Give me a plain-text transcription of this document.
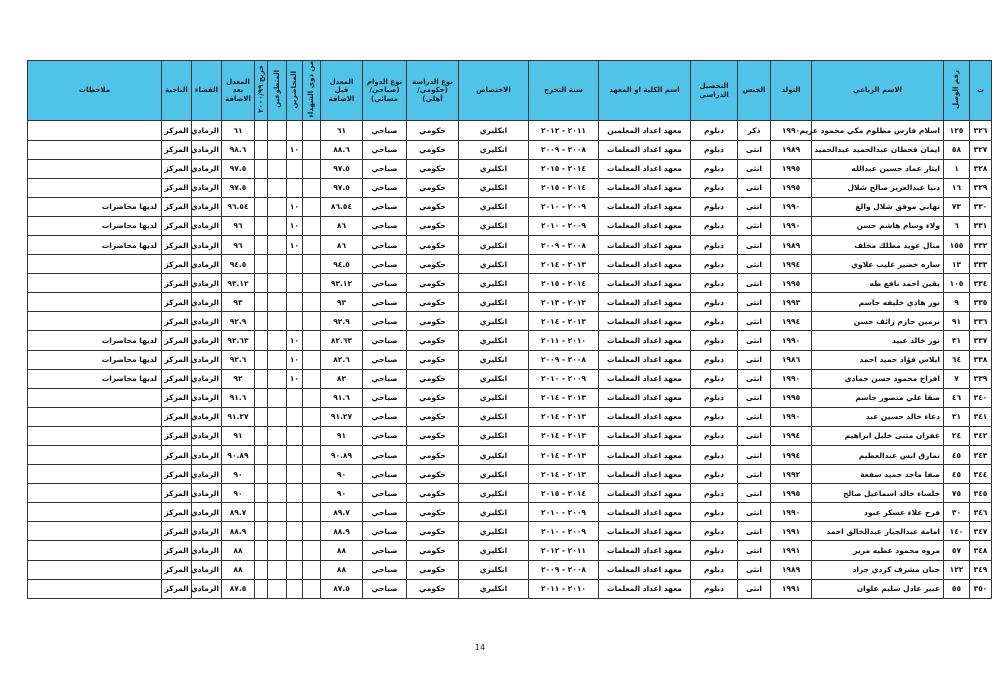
ت	رقم الوصل	الاسم الرباعي	التولد	الجنس	التحصيل الدراسي	اسم الكلية او المعهد	سنة التخرج	الاختصاص	نوع الدراسة (حكومي/أهلي)	نوع الدوام (صباحي/ مسائي)	المعدل قبل الاضافة	من ذوي الشهداء	المحاضرين	المتطوعين	خريج ٢٠٠٠/٩٩	المعدل بعد الاضافة	القضاء	الناحية	ملاحظات
٣٢٦	١٢٥	اسلام فارس مظلوم مكي محمود عريم	١٩٩٠	ذكر	دبلوم	معهد اعداد المعلمين	٢٠١١ - ٢٠١٢	انكليزي	حكومي	صباحي	٦١					٦١	الرمادي	المركز	
٣٢٧	٥٨	ايمان قحطان عبدالحميد عبدالحميد	١٩٨٩	انثى	دبلوم	معهد اعداد المعلمات	٢٠٠٨ - ٢٠٠٩	انكليزي	حكومي	صباحي	٨٨.٦		١٠			٩٨.٦	الرمادي	المركز	
٣٢٨	١	ايثار عماد حسين عبدالله	١٩٩٥	انثى	دبلوم	معهد اعداد المعلمات	٢٠١٤ - ٢٠١٥	انكليزي	حكومي	صباحي	٩٧.٥					٩٧.٥	الرمادي	المركز	
٣٢٩	١٦	دنيا عبدالعزيز صالح شلال	١٩٩٥	انثى	دبلوم	معهد اعداد المعلمات	٢٠١٤ - ٢٠١٥	انكليزي	حكومي	صباحي	٩٧.٥					٩٧.٥	الرمادي	المركز	
٣٣٠	٧٣	تهاني موفق شلال والغ	١٩٩٠	انثى	دبلوم	معهد اعداد المعلمات	٢٠٠٩ - ٢٠١٠	انكليزي	حكومي	صباحي	٨٦.٥٤		١٠			٩٦.٥٤	الرمادي	المركز	لديها محاضرات
٣٣١	٦	ولاء وسام هاشم حسن	١٩٩٠	انثى	دبلوم	معهد اعداد المعلمات	٢٠٠٩ - ٢٠١٠	انكليزي	حكومي	صباحي	٨٦		١٠			٩٦	الرمادي	المركز	لديها محاضرات
٣٣٢	١٥٥	منال عويد مطلك مخلف	١٩٨٩	انثى	دبلوم	معهد اعداد المعلمات	٢٠٠٨ - ٢٠٠٩	انكليزي	حكومي	صباحي	٨٦		١٠			٩٦	الرمادي	المركز	لديها محاضرات
٣٣٣	١٣	ساره خضير غليب علاوي	١٩٩٤	انثى	دبلوم	معهد اعداد المعلمات	٢٠١٣ - ٢٠١٤	انكليزي	حكومي	صباحي	٩٤.٥					٩٤.٥	الرمادي	المركز	
٣٣٤	١٠٥	يقين احمد نافع طه	١٩٩٥	انثى	دبلوم	معهد اعداد المعلمات	٢٠١٤ - ٢٠١٥	انكليزي	حكومي	صباحي	٩٣.١٢					٩٣.١٢	الرمادي	المركز	
٣٣٥	٩	نور هادي خليفه جاسم	١٩٩٣	انثى	دبلوم	معهد اعداد المعلمات	٢٠١٢ - ٢٠١٣	انكليزي	حكومي	صباحي	٩٣					٩٣	الرمادي	المركز	
٣٣٦	٩١	نرمين حازم زائف حسن	١٩٩٤	انثى	دبلوم	معهد اعداد المعلمات	٢٠١٣ - ٢٠١٤	انكليزي	حكومي	صباحي	٩٢.٩					٩٢.٩	الرمادي	المركز	
٣٣٧	٣١	نور خالد عبيد	١٩٩٠	انثى	دبلوم	معهد اعداد المعلمات	٢٠١٠ - ٢٠١١	انكليزي	حكومي	صباحي	٨٢.٦٣		١٠			٩٢.٦٣	الرمادي	المركز	لديها محاضرات
٣٣٨	٦٤	ايلاس فؤاد حميد احمد	١٩٨٦	انثى	دبلوم	معهد اعداد المعلمات	٢٠٠٨ - ٢٠٠٩	انكليزي	حكومي	صباحي	٨٢.٦		١٠			٩٢.٦	الرمادي	المركز	لديها محاضرات
٣٣٩	٧	افراح محمود حسن حمادي	١٩٩٠	انثى	دبلوم	معهد اعداد المعلمات	٢٠٠٩ - ٢٠١٠	انكليزي	حكومي	صباحي	٨٢		١٠			٩٢	الرمادي	المركز	لديها محاضرات
٣٤٠	٤٦	صفا علي متصور جاسم	١٩٩٥	انثى	دبلوم	معهد اعداد المعلمات	٢٠١٣ - ٢٠١٤	انكليزي	حكومي	صباحي	٩١.٦					٩١.٦	الرمادي	المركز	
٣٤١	٣١	دعاء خالد حسين عبد	١٩٩٠	انثى	دبلوم	معهد اعداد المعلمات	٢٠١٣ - ٢٠١٤	انكليزي	حكومي	صباحي	٩١.٢٧					٩١.٢٧	الرمادي	المركز	
٣٤٢	٢٤	غفران مثنى خليل ابراهيم	١٩٩٤	انثى	دبلوم	معهد اعداد المعلمات	٢٠١٣ - ٢٠١٤	انكليزي	حكومي	صباحي	٩١					٩١	الرمادي	المركز	
٣٤٣	٤٥	تمارق انس عبدالعظيم	١٩٩٤	انثى	دبلوم	معهد اعداد المعلمات	٢٠١٣ - ٢٠١٤	انكليزي	حكومي	صباحي	٩٠.٨٩					٩٠.٨٩	الرمادي	المركز	
٣٤٤	٤٥	صفا ماجد حميد سفعة	١٩٩٢	انثى	دبلوم	معهد اعداد المعلمات	٢٠١٣ - ٢٠١٤	انكليزي	حكومي	صباحي	٩٠					٩٠	الرمادي	المركز	
٣٤٥	٧٥	خلساء خالد اسماعيل صالح	١٩٩٥	انثى	دبلوم	معهد اعداد المعلمات	٢٠١٤ - ٢٠١٥	انكليزي	حكومي	صباحي	٩٠					٩٠	الرمادي	المركز	
٣٤٦	٣٠	فرح علاء عسكر عبود	١٩٩٠	انثى	دبلوم	معهد اعداد المعلمات	٢٠٠٩ - ٢٠١٠	انكليزي	حكومي	صباحي	٨٩.٧					٨٩.٧	الرمادي	المركز	
٣٤٧	١٤٠	امامة عبدالجبار عبدالخالق احمد	١٩٩١	انثى	دبلوم	معهد اعداد المعلمات	٢٠٠٩ - ٢٠١٠	انكليزي	حكومي	صباحي	٨٨.٩					٨٨.٩	الرمادي	المركز	
٣٤٨	٥٧	مروه محمود عطيه مرير	١٩٩١	انثى	دبلوم	معهد اعداد المعلمات	٢٠١١ - ٢٠١٢	انكليزي	حكومي	صباحي	٨٨					٨٨	الرمادي	المركز	
٣٤٩	١٢٢	جنان مشرف كردي جراد	١٩٨٩	انثى	دبلوم	معهد اعداد المعلمات	٢٠٠٨ - ٢٠٠٩	انكليزي	حكومي	صباحي	٨٨					٨٨	الرمادي	المركز	
٣٥٠	٥٥	عبير عادل سليم علوان	١٩٩١	انثى	دبلوم	معهد اعداد المعلمات	٢٠١٠ - ٢٠١١	انكليزي	حكومي	صباحي	٨٧.٥					٨٧.٥	الرمادي	المركز	
14
